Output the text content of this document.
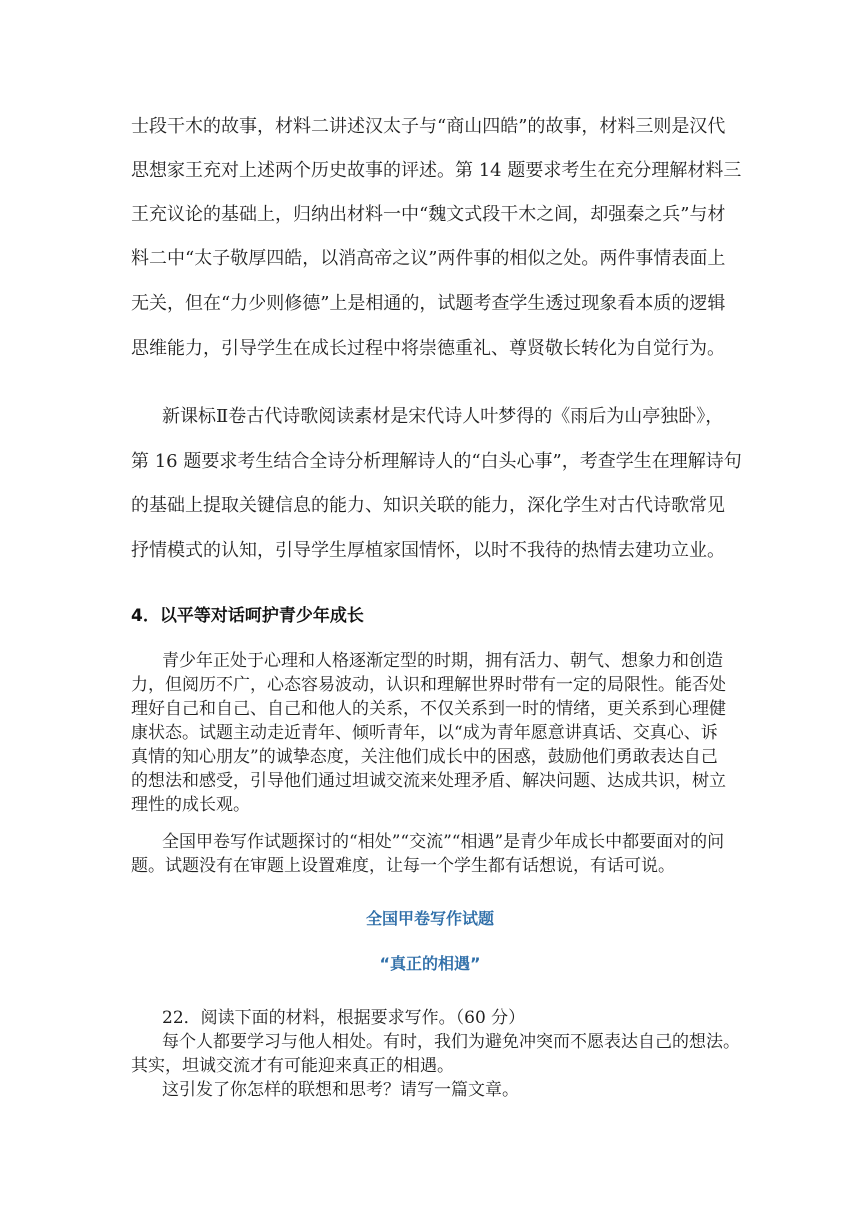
士段干木的故事，材料二讲述汉太子与“商山四皓”的故事，材料三则是汉代
思想家王充对上述两个历史故事的评述。第 14 题要求考生在充分理解材料三
王充议论的基础上，归纳出材料一中“魏文式段干木之闾，却强秦之兵”与材
料二中“太子敬厚四皓，以消高帝之议”两件事的相似之处。两件事情表面上
无关，但在“力少则修德”上是相通的，试题考查学生透过现象看本质的逻辑
思维能力，引导学生在成长过程中将崇德重礼、尊贤敬长转化为自觉行为。
新课标Ⅱ卷古代诗歌阅读素材是宋代诗人叶梦得的《雨后为山亭独卧》，
第 16 题要求考生结合全诗分析理解诗人的“白头心事”，考查学生在理解诗句
的基础上提取关键信息的能力、知识关联的能力，深化学生对古代诗歌常见
抒情模式的认知，引导学生厚植家国情怀，以时不我待的热情去建功立业。
4．以平等对话呵护青少年成长
青少年正处于心理和人格逐渐定型的时期，拥有活力、朝气、想象力和创造
力，但阅历不广，心态容易波动，认识和理解世界时带有一定的局限性。能否处
理好自己和自己、自己和他人的关系，不仅关系到一时的情绪，更关系到心理健
康状态。试题主动走近青年、倾听青年，以“成为青年愿意讲真话、交真心、诉
真情的知心朋友”的诚挚态度，关注他们成长中的困惑，鼓励他们勇敢表达自己
的想法和感受，引导他们通过坦诚交流来处理矛盾、解决问题、达成共识，树立
理性的成长观。
全国甲卷写作试题探讨的“相处”“交流”“相遇”是青少年成长中都要面对的问
题。试题没有在审题上设置难度，让每一个学生都有话想说，有话可说。
全国甲卷写作试题
“真正的相遇”
22．阅读下面的材料，根据要求写作。（60 分）
每个人都要学习与他人相处。有时，我们为避免冲突而不愿表达自己的想法。
其实，坦诚交流才有可能迎来真正的相遇。
这引发了你怎样的联想和思考？请写一篇文章。
